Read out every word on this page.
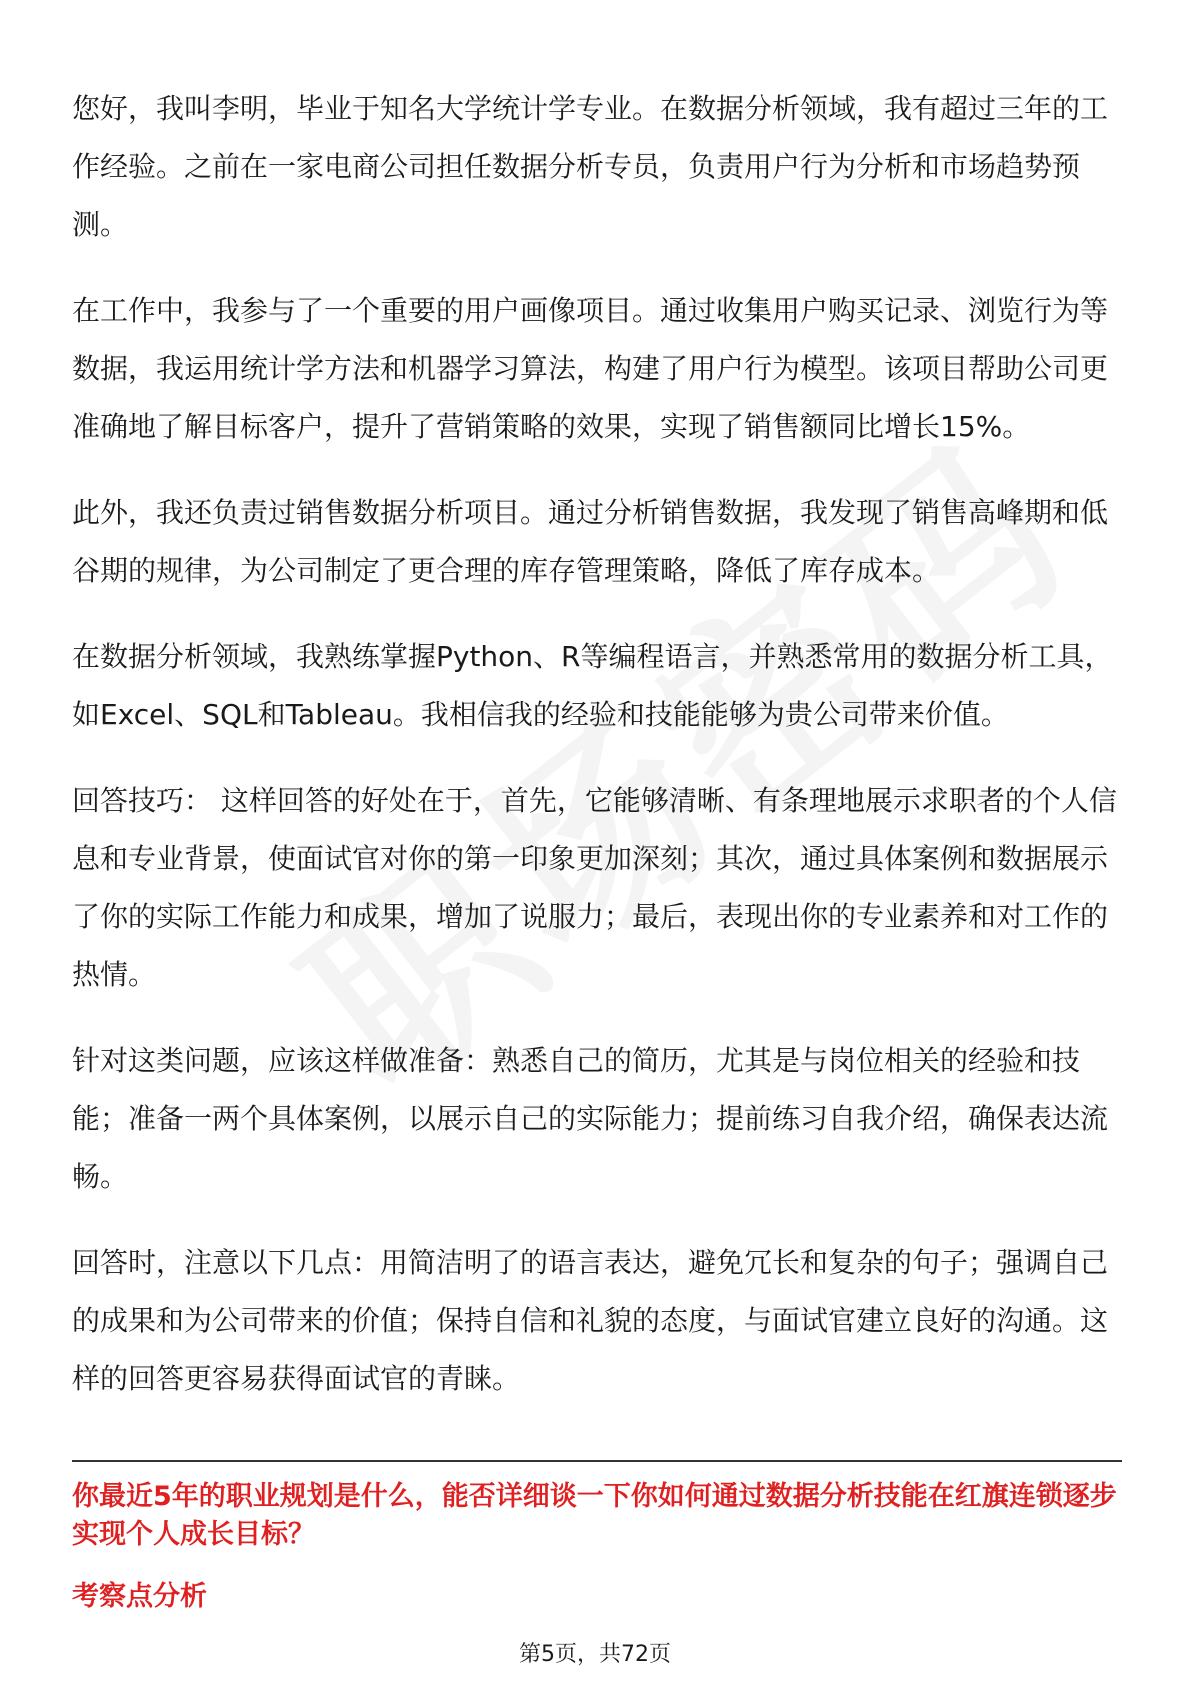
您好，我叫李明，毕业于知名大学统计学专业。在数据分析领域，我有超过三年的工作经验。之前在一家电商公司担任数据分析专员，负责用户行为分析和市场趋势预测。

在工作中，我参与了一个重要的用户画像项目。通过收集用户购买记录、浏览行为等数据，我运用统计学方法和机器学习算法，构建了用户行为模型。该项目帮助公司更准确地了解目标客户，提升了营销策略的效果，实现了销售额同比增长15%。

此外，我还负责过销售数据分析项目。通过分析销售数据，我发现了销售高峰期和低谷期的规律，为公司制定了更合理的库存管理策略，降低了库存成本。

在数据分析领域，我熟练掌握Python、R等编程语言，并熟悉常用的数据分析工具，如Excel、SQL和Tableau。我相信我的经验和技能能够为贵公司带来价值。

回答技巧： 这样回答的好处在于，首先，它能够清晰、有条理地展示求职者的个人信息和专业背景，使面试官对你的第一印象更加深刻；其次，通过具体案例和数据展示了你的实际工作能力和成果，增加了说服力；最后，表现出你的专业素养和对工作的热情。

针对这类问题，应该这样做准备：熟悉自己的简历，尤其是与岗位相关的经验和技能；准备一两个具体案例，以展示自己的实际能力；提前练习自我介绍，确保表达流畅。

回答时，注意以下几点：用简洁明了的语言表达，避免冗长和复杂的句子；强调自己的成果和为公司带来的价值；保持自信和礼貌的态度，与面试官建立良好的沟通。这样的回答更容易获得面试官的青睐。

你最近5年的职业规划是什么，能否详细谈一下你如何通过数据分析技能在红旗连锁逐步实现个人成长目标？
考察点分析
第5页，共72页
